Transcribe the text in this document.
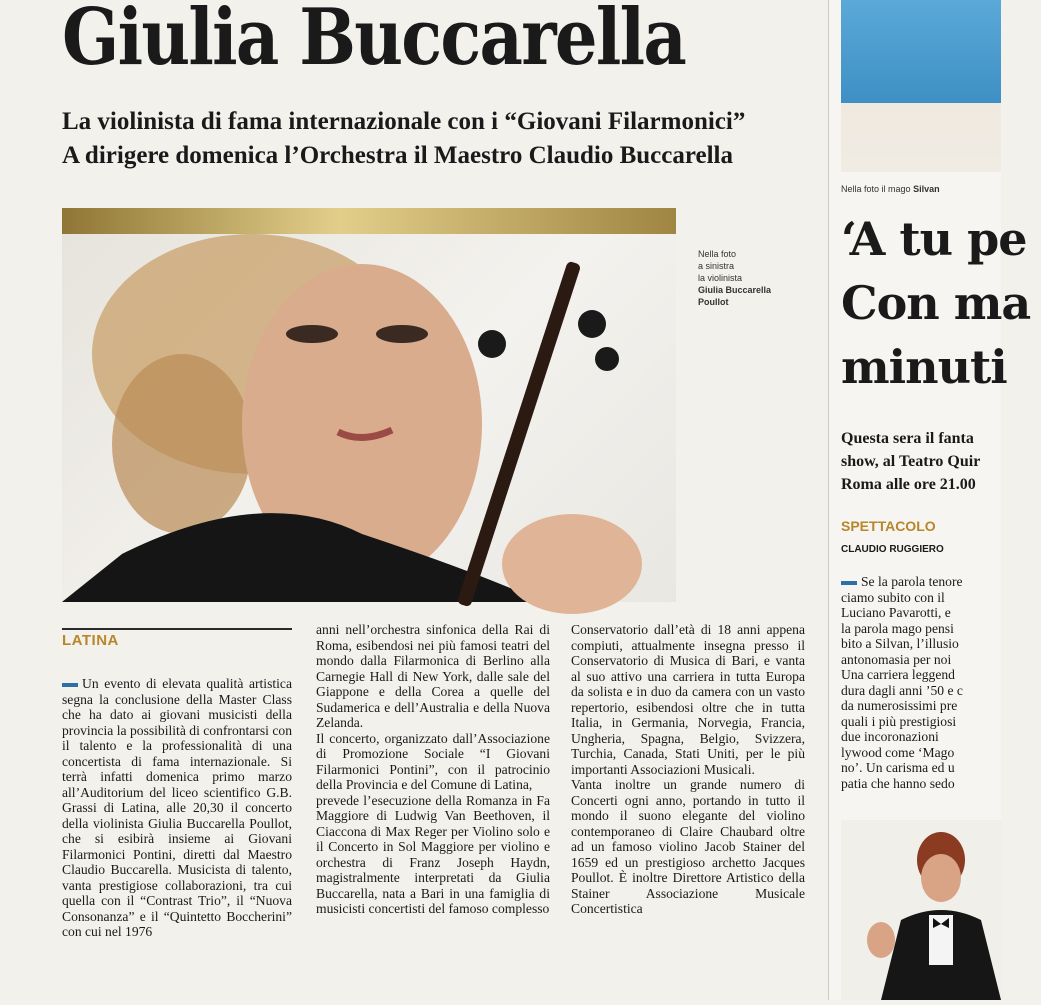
Giulia Buccarella
La violinista di fama internazionale con i “Giovani Filarmonici”
A dirigere domenica l’Orchestra il Maestro Claudio Buccarella
Nella foto
a sinistra
la violinista
Giulia Buccarella
Poullot
LATINA

Un evento di elevata qualità artistica segna la conclusione della Master Class che ha dato ai giovani musicisti della provincia la possibilità di confrontarsi con il talento e la professionalità di una concertista di fama internazionale. Si terrà infatti domenica primo marzo all’Auditorium del liceo scientifico G.B. Grassi di Latina, alle 20,30 il concerto della violinista Giulia Buccarella Poullot, che si esibirà insieme ai Giovani Filarmonici Pontini, diretti dal Maestro Claudio Buccarella. Musicista di talento, vanta prestigiose collaborazioni, tra cui quella con il “Contrast Trio”, il “Nuova Consonanza” e il “Quintetto Boccherini” con cui nel 1976

anni nell’orchestra sinfonica della Rai di Roma, esibendosi nei più famosi teatri del mondo dalla Filarmonica di Berlino alla Carnegie Hall di New York, dalle sale del Giappone e della Corea a quelle del Sudamerica e dell’Australia e della Nuova Zelanda.
Il concerto, organizzato dall’Associazione di Promozione Sociale “I Giovani Filarmonici Pontini”, con il patrocinio della Provincia e del Comune di Latina,
prevede l’esecuzione della Romanza in Fa Maggiore di Ludwig Van Beethoven, il Ciaccona di Max Reger per Violino solo e il Concerto in Sol Maggiore per violino e orchestra di Franz Joseph Haydn, magistralmente interpretati da Giulia Buccarella, nata a Bari in una famiglia di musicisti concertisti del famoso complesso
Conservatorio dall’età di 18 anni appena compiuti, attualmente insegna presso il Conservatorio di Musica di Bari, e vanta al suo attivo una carriera in tutta Europa da solista e in duo da camera con un vasto repertorio, esibendosi oltre che in tutta Italia, in Germania, Norvegia, Francia, Ungheria, Spagna, Belgio, Svizzera, Turchia, Canada, Stati Uniti, per le più importanti Associazioni Musicali.
Vanta inoltre un grande numero di Concerti ogni anno, portando in tutto il mondo il suono elegante del violino contemporaneo di Claire Chaubard oltre ad un famoso violino Jacob Stainer del 1659 ed un prestigioso archetto Jacques Poullot. È inoltre Direttore Artistico della Stainer Associazione Musicale Concertistica
Nella foto il mago Silvan
‘A tu pe
Con ma
minuti
Questa sera il fanta
show, al Teatro Quir
Roma alle ore 21.00
SPETTACOLO
CLAUDIO RUGGIERO
Se la parola tenore
ciamo subito con il
Luciano Pavarotti, e
la parola mago pensi
bito a Silvan, l’illusio
antonomasia per noi
Una carriera leggend
dura dagli anni ’50 e c
da numerosissimi pre
quali i più prestigiosi
due incoronazioni
lywood come ‘Mago
no’. Un carisma ed u
patia che hanno sedo
